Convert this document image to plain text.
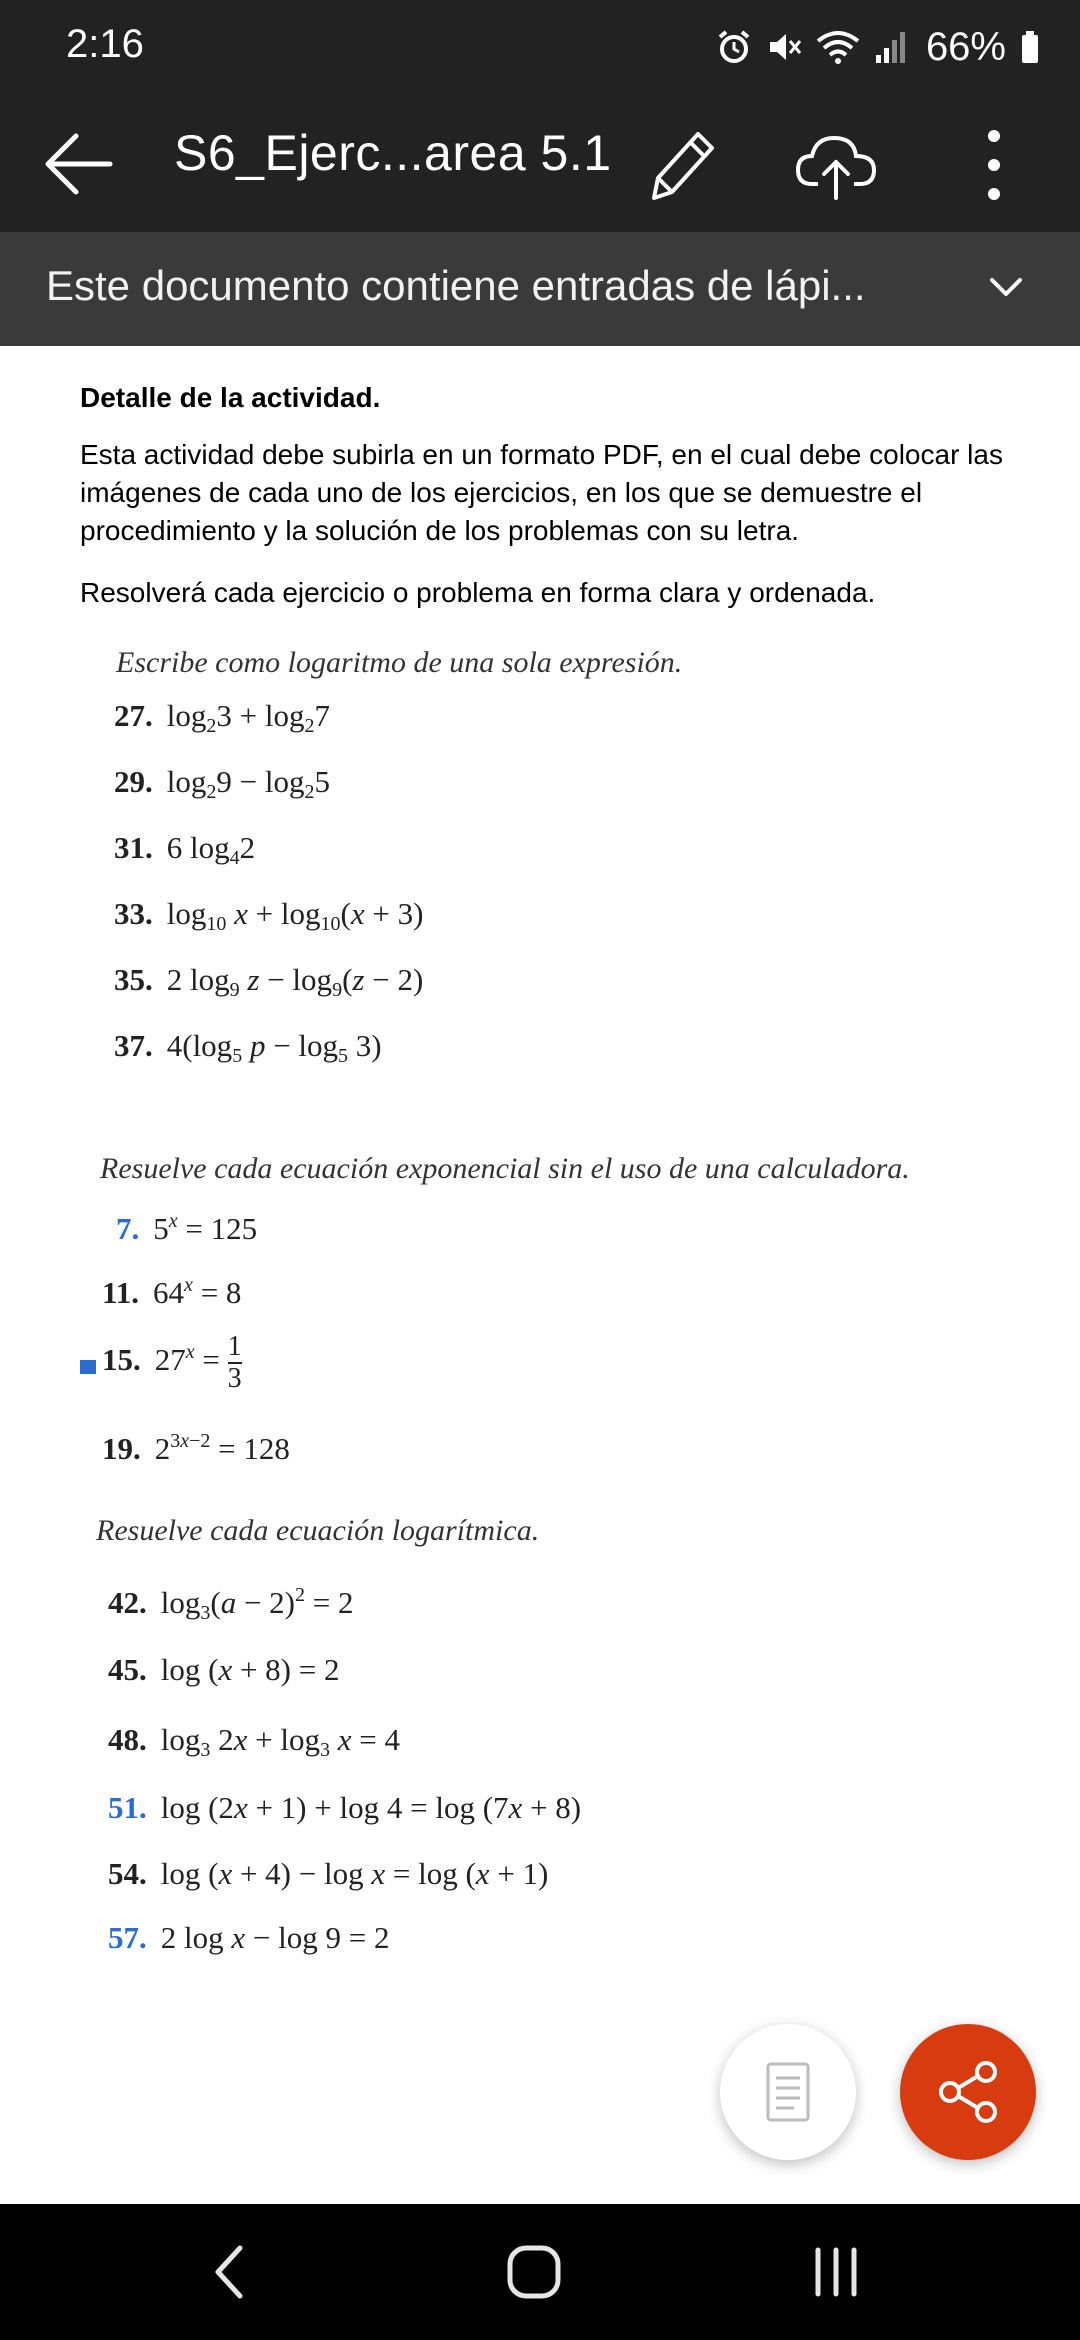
2:16	66%
S6_Ejerc...area 5.1
Este documento contiene entradas de lápi...
Detalle de la actividad.
Esta actividad debe subirla en un formato PDF, en el cual debe colocar las imágenes de cada uno de los ejercicios, en los que se demuestre el procedimiento y la solución de los problemas con su letra.
Resolverá cada ejercicio o problema en forma clara y ordenada.
Escribe como logaritmo de una sola expresión.
27. $\log_23 + \log_27$
29. $\log_29 - \log_25$
31. 6 $\log_42$
33. $\log_{10} x + \log_{10}(x + 3)$
35. 2 $\log_9 z - \log_9(z - 2)$
37. $4(\log_5$ $p - \log_5 3$)
Resuelve cada ecuación exponencial sin el uso de una calculadora.
7. $5^x = 125$
11. $64^x = 8$
15. $27^x = 1$
3
19. $2^{3x-2} = 128$
Resuelve cada ecuación logarítmica.
42. $\log_3(a - 2)^2 = 2$
45. log (x + 8) = 2
48. $\log_3 2x + \log_3 x = 4$
51. log (2x + 1) + log 4 = log (7x + 8)
54. log (x + 4) − log x = log (x + 1)
57. 2 log x − log 9 = 2
